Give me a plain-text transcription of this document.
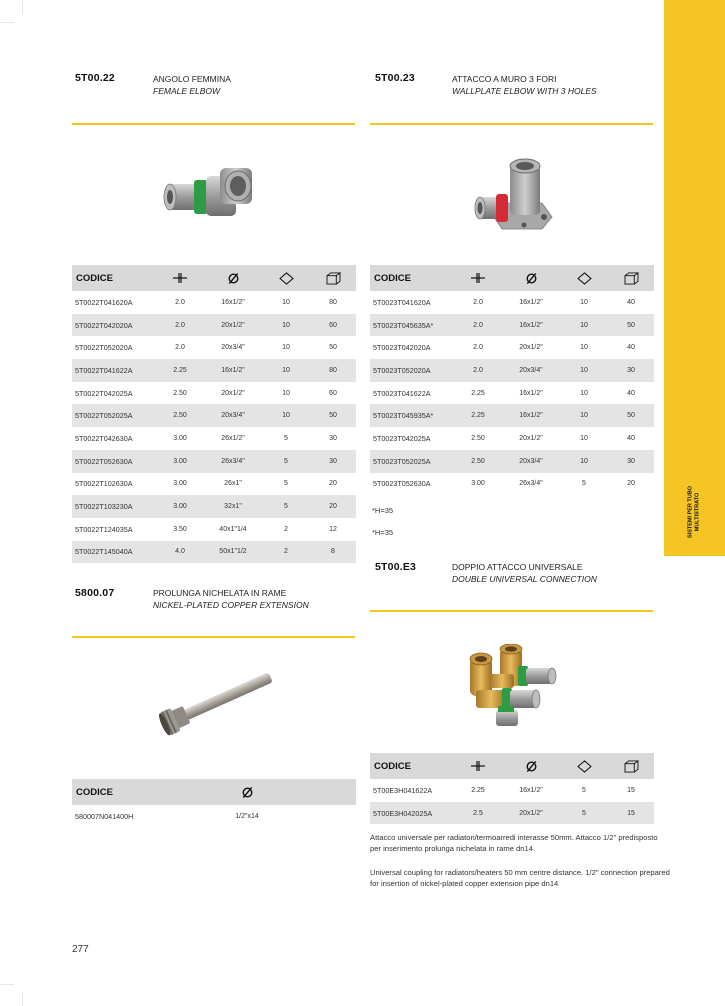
SISTEMI PER TUBO MULTISTRATO
5T00.22	ANGOLO FEMMINA
FEMALE ELBOW
CODICE				
5T0022T041620A	2.0	16x1/2"	10	80
5T0022T042020A	2.0	20x1/2"	10	60
5T0022T052020A	2.0	20x3/4"	10	50
5T0022T041622A	2.25	16x1/2"	10	80
5T0022T042025A	2.50	20x1/2"	10	60
5T0022T052025A	2.50	20x3/4"	10	50
5T0022T042630A	3.00	26x1/2"	5	30
5T0022T052630A	3.00	26x3/4"	5	30
5T0022T102630A	3.00	26x1"	5	20
5T0022T103230A	3.00	32x1"	5	20
5T0022T124035A	3.50	40x1"1/4	2	12
5T0022T145040A	4.0	50x1"1/2	2	8
5T00.23	ATTACCO A MURO 3 FORI
WALLPLATE ELBOW WITH 3 HOLES
CODICE				
5T0023T041620A	2.0	16x1/2"	10	40
5T0023T045635A*	2.0	16x1/2"	10	50
5T0023T042020A	2.0	20x1/2"	10	40
5T0023T052020A	2.0	20x3/4"	10	30
5T0023T041622A	2.25	16x1/2"	10	40
5T0023T045935A*	2.25	16x1/2"	10	50
5T0023T042025A	2.50	20x1/2"	10	40
5T0023T052025A	2.50	20x3/4"	10	30
5T0023T052630A	3.00	26x3/4"	5	20
*H=35
*H=35
5800.07	PROLUNGA NICHELATA IN RAME
NICKEL-PLATED COPPER EXTENSION
CODICE		
580007N041400H	1/2"x14	
5T00.E3	DOPPIO ATTACCO UNIVERSALE
DOUBLE UNIVERSAL CONNECTION
CODICE				
5T00E3H041622A	2.25	16x1/2"	5	15
5T00E3H042025A	2.5	20x1/2"	5	15
Attacco universale per radiatori/termoarredi interasse 50mm. Attacco 1/2" predisposto per inserimento prolunga nichelata in rame dn14.
Universal coupling for radiators/heaters 50 mm centre distance. 1/2" connection prepared for insertion of nickel-plated copper extension pipe dn14
277
